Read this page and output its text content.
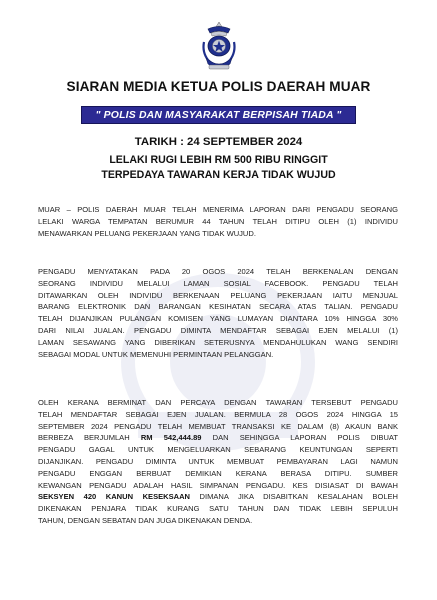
SIARAN MEDIA KETUA POLIS DAERAH MUAR
" POLIS DAN MASYARAKAT BERPISAH TIADA "
TARIKH : 24 SEPTEMBER 2024
LELAKI RUGI LEBIH RM 500 RIBU RINGGIT
TERPEDAYA TAWARAN KERJA TIDAK WUJUD
MUAR – POLIS DAERAH MUAR TELAH MENERIMA LAPORAN DARI PENGADU SEORANG
LELAKI WARGA TEMPATAN BERUMUR 44 TAHUN TELAH DITIPU OLEH (1) INDIVIDU
MENAWARKAN PELUANG PEKERJAAN YANG TIDAK WUJUD.
PENGADU MENYATAKAN PADA 20 OGOS 2024 TELAH BERKENALAN DENGAN
SEORANG INDIVIDU MELALUI LAMAN SOSIAL FACEBOOK. PENGADU TELAH
DITAWARKAN OLEH INDIVIDU BERKENAAN PELUANG PEKERJAAN IAITU MENJUAL
BARANG ELEKTRONIK DAN BARANGAN KESIHATAN SECARA ATAS TALIAN. PENGADU
TELAH DIJANJIKAN PULANGAN KOMISEN YANG LUMAYAN DIANTARA 10% HINGGA 30%
DARI NILAI JUALAN. PENGADU DIMINTA MENDAFTAR SEBAGAI EJEN MELALUI (1)
LAMAN SESAWANG YANG DIBERIKAN SETERUSNYA MENDAHULUKAN WANG SENDIRI
SEBAGAI MODAL UNTUK MEMENUHI PERMINTAAN PELANGGAN.
OLEH KERANA BERMINAT DAN PERCAYA DENGAN TAWARAN TERSEBUT PENGADU
TELAH MENDAFTAR SEBAGAI EJEN JUALAN. BERMULA 28 OGOS 2024 HINGGA 15
SEPTEMBER 2024 PENGADU TELAH MEMBUAT TRANSAKSI KE DALAM (8) AKAUN BANK
BERBEZA BERJUMLAH RM 542,444.89 DAN SEHINGGA LAPORAN POLIS DIBUAT
PENGADU GAGAL UNTUK MENGELUARKAN SEBARANG KEUNTUNGAN SEPERTI
DIJANJIKAN. PENGADU DIMINTA UNTUK MEMBUAT PEMBAYARAN LAGI NAMUN
PENGADU ENGGAN BERBUAT DEMIKIAN KERANA BERASA DITIPU. SUMBER
KEWANGAN PENGADU ADALAH HASIL SIMPANAN PENGADU. KES DISIASAT DI BAWAH
SEKSYEN 420 KANUN KESEKSAAN DIMANA JIKA DISABITKAN KESALAHAN BOLEH
DIKENAKAN PENJARA TIDAK KURANG SATU TAHUN DAN TIDAK LEBIH SEPULUH
TAHUN, DENGAN SEBATAN DAN JUGA DIKENAKAN DENDA.
